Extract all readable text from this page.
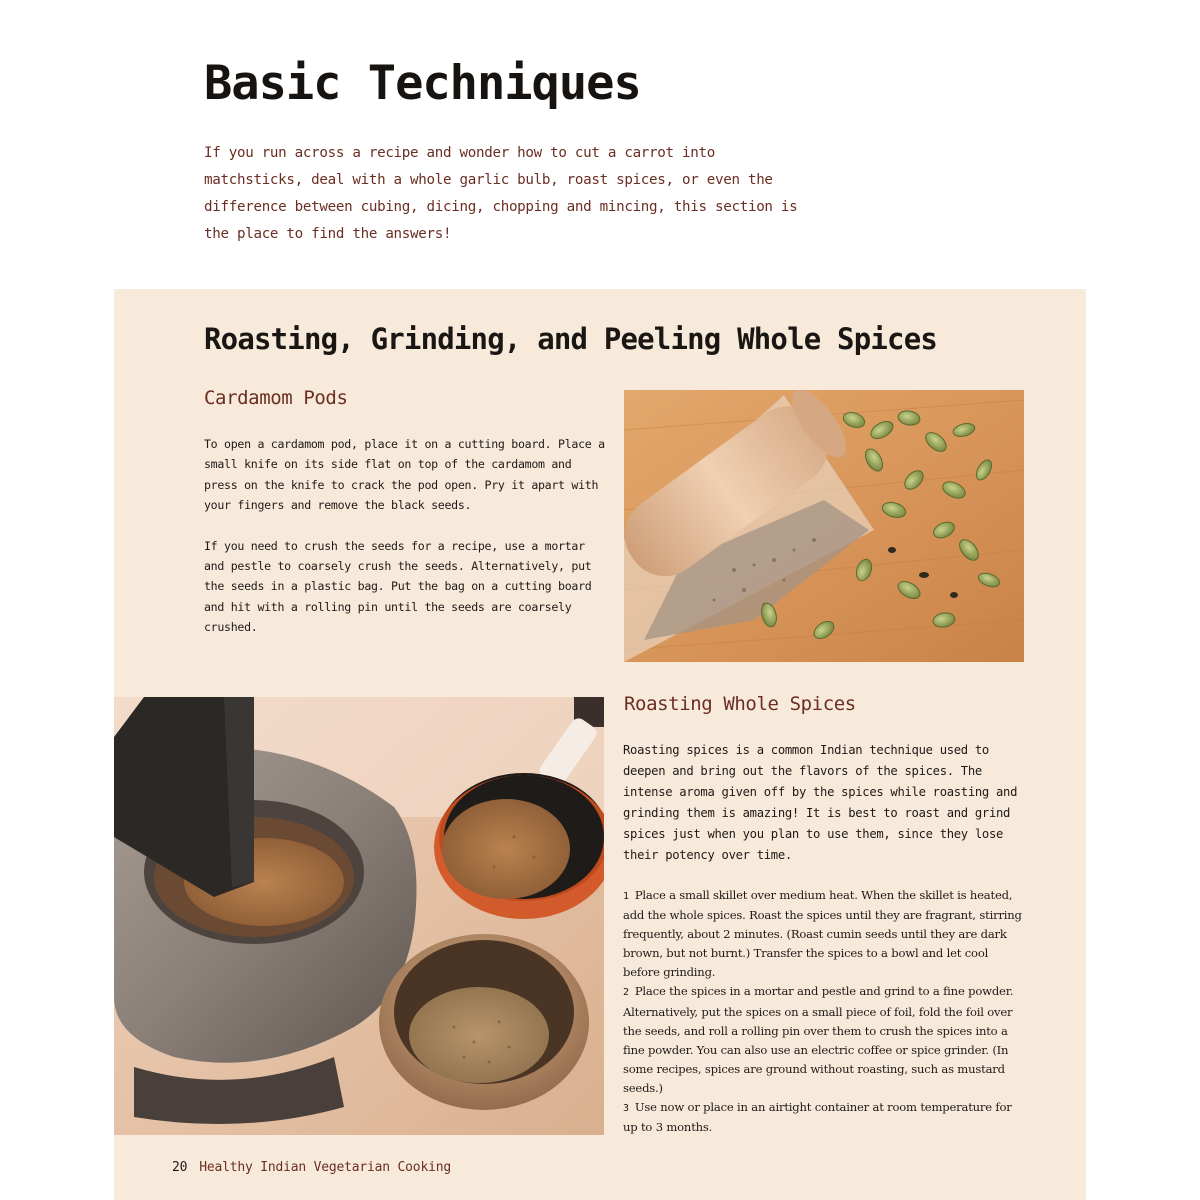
Basic Techniques
If you run across a recipe and wonder how to cut a carrot into matchsticks, deal with a whole garlic bulb, roast spices, or even the difference between cubing, dicing, chopping and mincing, this section is the place to find the answers!
Roasting, Grinding, and Peeling Whole Spices
Cardamom Pods

To open a cardamom pod, place it on a cutting board. Place a small knife on its side flat on top of the cardamom and press on the knife to crack the pod open. Pry it apart with your fingers and remove the black seeds.

If you need to crush the seeds for a recipe, use a mortar and pestle to coarsely crush the seeds. Alternatively, put the seeds in a plastic bag. Put the bag on a cutting board and hit with a rolling pin until the seeds are coarsely crushed.

Roasting Whole Spices
Roasting spices is a common Indian technique used to deepen and bring out the flavors of the spices. The intense aroma given off by the spices while roasting and grinding them is amazing! It is best to roast and grind spices just when you plan to use them, since they lose their potency over time.
1 Place a small skillet over medium heat. When the skillet is heated, add the whole spices. Roast the spices until they are fragrant, stirring frequently, about 2 minutes. (Roast cumin seeds until they are dark brown, but not burnt.) Transfer the spices to a bowl and let cool before grinding.
2 Place the spices in a mortar and pestle and grind to a fine powder. Alternatively, put the spices on a small piece of foil, fold the foil over the seeds, and roll a rolling pin over them to crush the spices into a fine powder. You can also use an electric coffee or spice grinder. (In some recipes, spices are ground without roasting, such as mustard seeds.)
3 Use now or place in an airtight container at room temperature for up to 3 months.
20 Healthy Indian Vegetarian Cooking
